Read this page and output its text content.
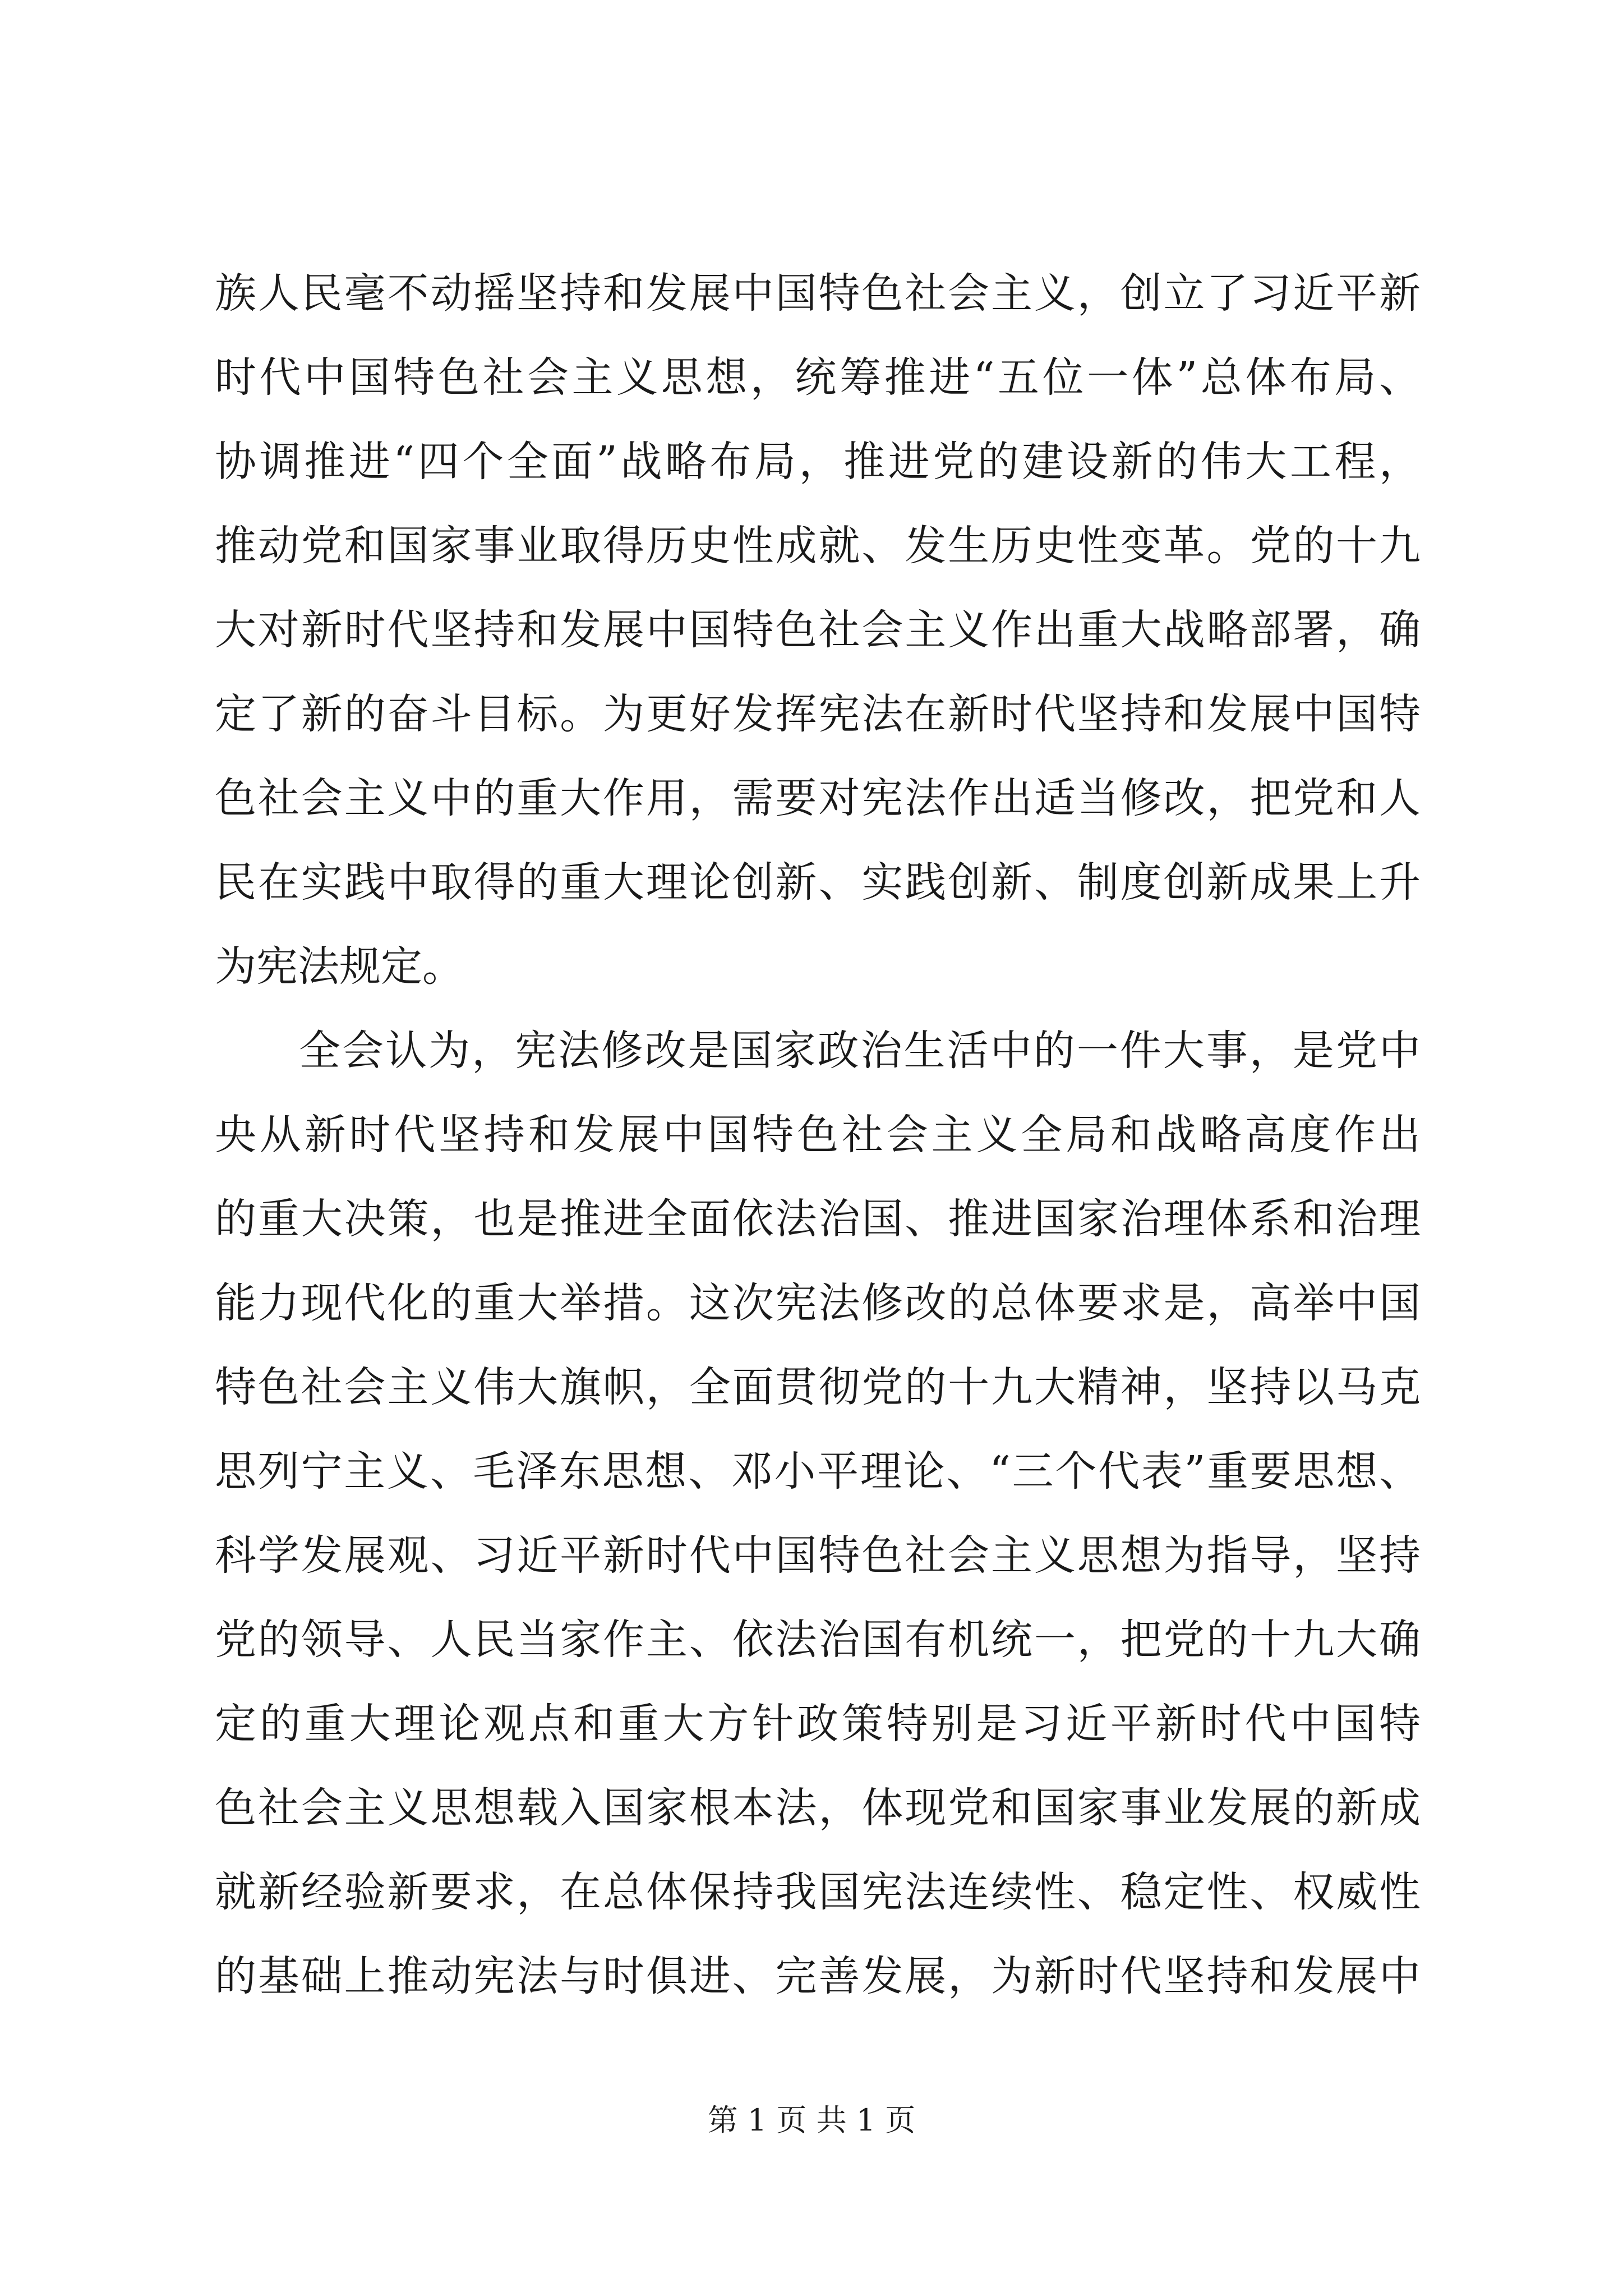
族人民毫不动摇坚持和发展中国特色社会主义，创立了习近平新
时代中国特色社会主义思想，统筹推进“五位一体”总体布局、
协调推进“四个全面”战略布局，推进党的建设新的伟大工程，
推动党和国家事业取得历史性成就、发生历史性变革。党的十九
大对新时代坚持和发展中国特色社会主义作出重大战略部署，确
定了新的奋斗目标。为更好发挥宪法在新时代坚持和发展中国特
色社会主义中的重大作用，需要对宪法作出适当修改，把党和人
民在实践中取得的重大理论创新、实践创新、制度创新成果上升
为宪法规定。
全会认为，宪法修改是国家政治生活中的一件大事，是党中
央从新时代坚持和发展中国特色社会主义全局和战略高度作出
的重大决策，也是推进全面依法治国、推进国家治理体系和治理
能力现代化的重大举措。这次宪法修改的总体要求是，高举中国
特色社会主义伟大旗帜，全面贯彻党的十九大精神，坚持以马克
思列宁主义、毛泽东思想、邓小平理论、“三个代表”重要思想、
科学发展观、习近平新时代中国特色社会主义思想为指导，坚持
党的领导、人民当家作主、依法治国有机统一，把党的十九大确
定的重大理论观点和重大方针政策特别是习近平新时代中国特
色社会主义思想载入国家根本法，体现党和国家事业发展的新成
就新经验新要求，在总体保持我国宪法连续性、稳定性、权威性
的基础上推动宪法与时俱进、完善发展，为新时代坚持和发展中
第 1 页 共 1 页
